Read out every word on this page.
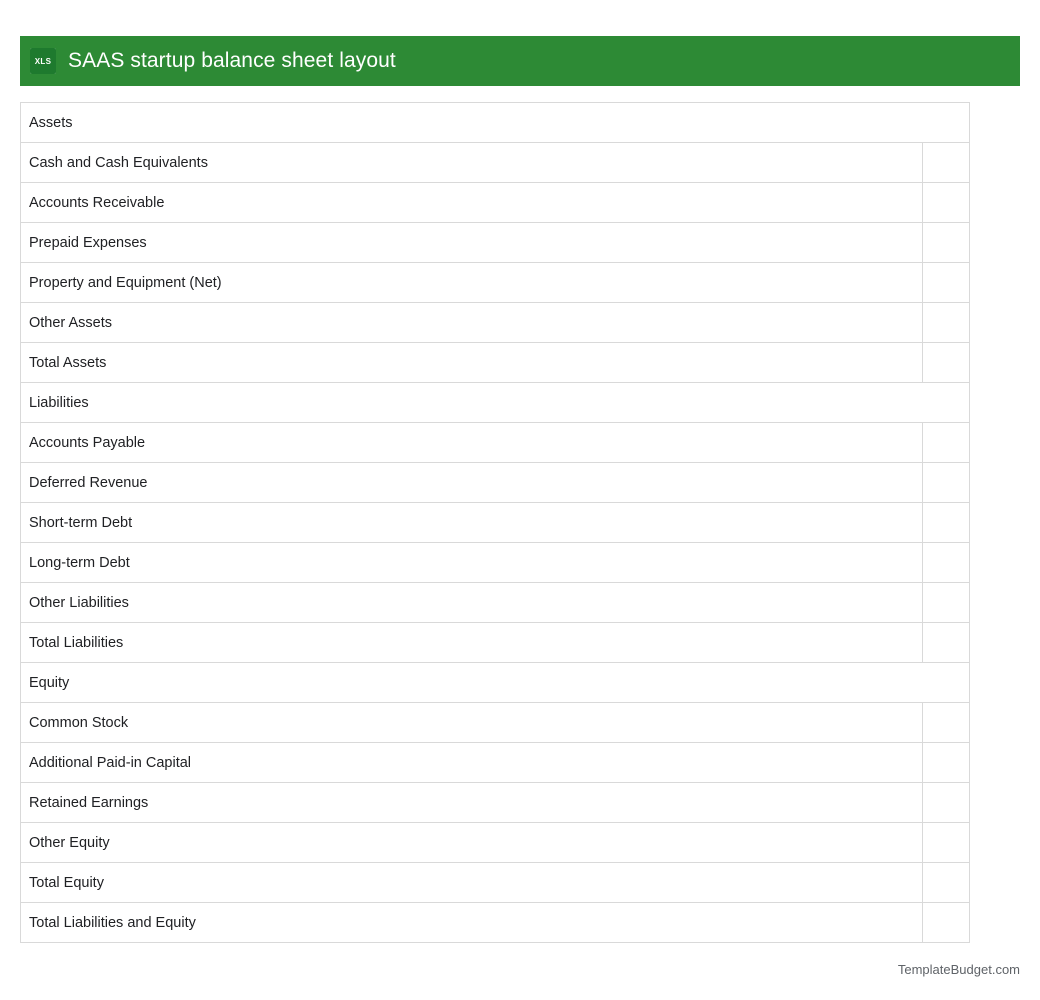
XLS SAAS startup balance sheet layout
Assets
Cash and Cash Equivalents
Accounts Receivable
Prepaid Expenses
Property and Equipment (Net)
Other Assets
Total Assets
Liabilities
Accounts Payable
Deferred Revenue
Short-term Debt
Long-term Debt
Other Liabilities
Total Liabilities
Equity
Common Stock
Additional Paid-in Capital
Retained Earnings
Other Equity
Total Equity
Total Liabilities and Equity
TemplateBudget.com
